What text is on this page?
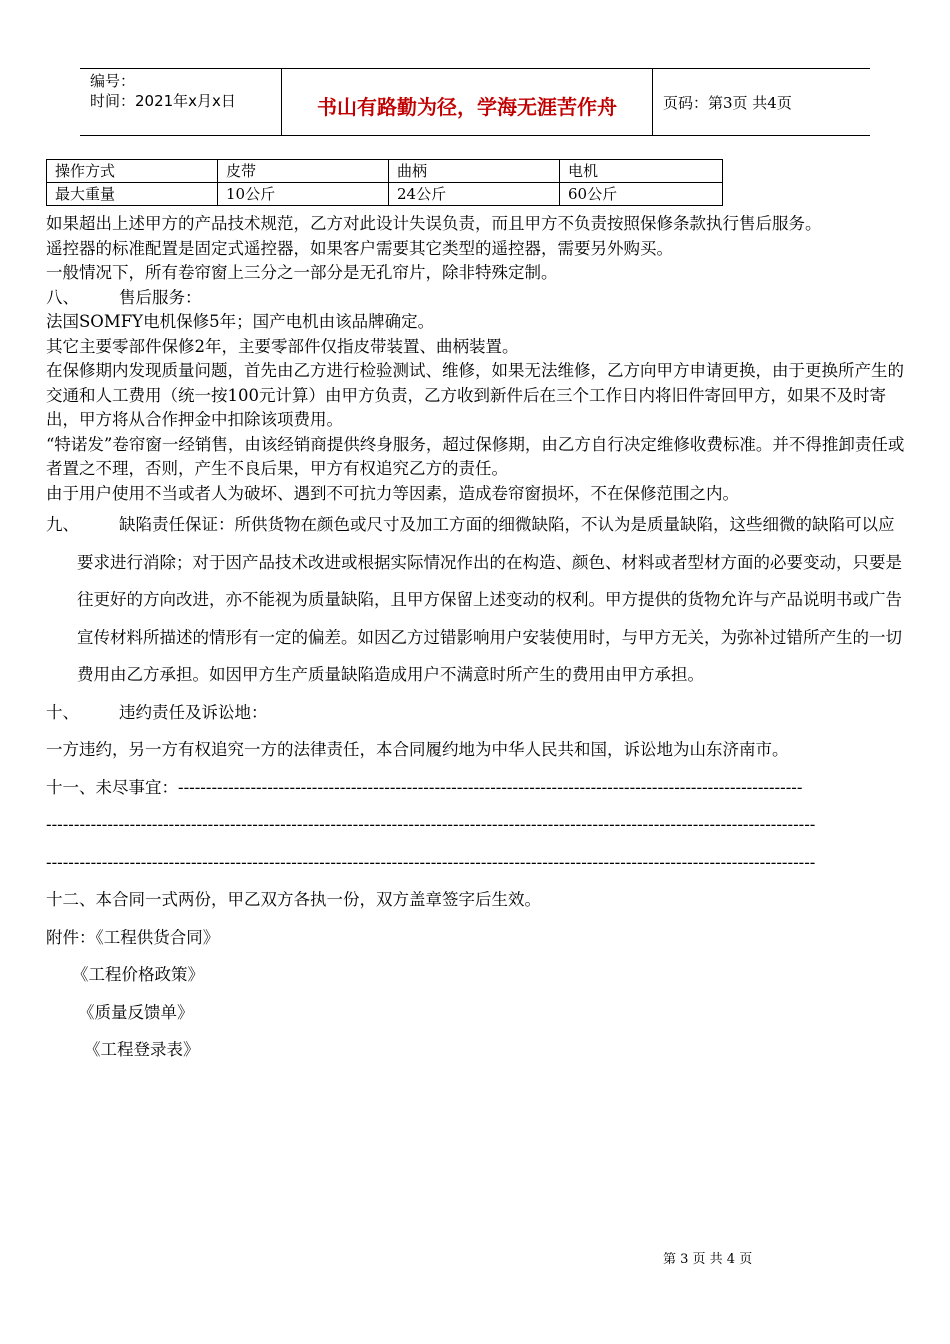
编号：
时间：2021年x月x日	书山有路勤为径，学海无涯苦作舟	页码：第3页 共4页
操作方式	皮带	曲柄	电机
最大重量	10公斤	24公斤	60公斤

如果超出上述甲方的产品技术规范，乙方对此设计失误负责，而且甲方不负责按照保修条款执行售后服务。

遥控器的标准配置是固定式遥控器，如果客户需要其它类型的遥控器，需要另外购买。

一般情况下，所有卷帘窗上三分之一部分是无孔帘片，除非特殊定制。

八、 售后服务：

法国SOMFY电机保修5年；国产电机由该品牌确定。

其它主要零部件保修2年，主要零部件仅指皮带装置、曲柄装置。

在保修期内发现质量问题，首先由乙方进行检验测试、维修，如果无法维修，乙方向甲方申请更换，由于更换所产生的交通和人工费用（统一按100元计算）由甲方负责，乙方收到新件后在三个工作日内将旧件寄回甲方，如果不及时寄出，甲方将从合作押金中扣除该项费用。

“特诺发”卷帘窗一经销售，由该经销商提供终身服务，超过保修期，由乙方自行决定维修收费标准。并不得推卸责任或者置之不理，否则，产生不良后果，甲方有权追究乙方的责任。

由于用户使用不当或者人为破坏、遇到不可抗力等因素，造成卷帘窗损坏，不在保修范围之内。

九、 缺陷责任保证：所供货物在颜色或尺寸及加工方面的细微缺陷，不认为是质量缺陷，这些细微的缺陷可以应要求进行消除；对于因产品技术改进或根据实际情况作出的在构造、颜色、材料或者型材方面的必要变动，只要是往更好的方向改进，亦不能视为质量缺陷，且甲方保留上述变动的权利。甲方提供的货物允许与产品说明书或广告宣传材料所描述的情形有一定的偏差。如因乙方过错影响用户安装使用时，与甲方无关，为弥补过错所产生的一切费用由乙方承担。如因甲方生产质量缺陷造成用户不满意时所产生的费用由甲方承担。

十、 违约责任及诉讼地：

一方违约，另一方有权追究一方的法律责任，本合同履约地为中华人民共和国，诉讼地为山东济南市。

十一、未尽事宜：----------------------------------------------------------------------------------------------------------------

------------------------------------------------------------------------------------------------------------------------------------------

------------------------------------------------------------------------------------------------------------------------------------------

十二、本合同一式两份，甲乙双方各执一份，双方盖章签字后生效。

附件：《工程供货合同》

《工程价格政策》

《质量反馈单》

《工程登录表》

第 3 页 共 4 页
